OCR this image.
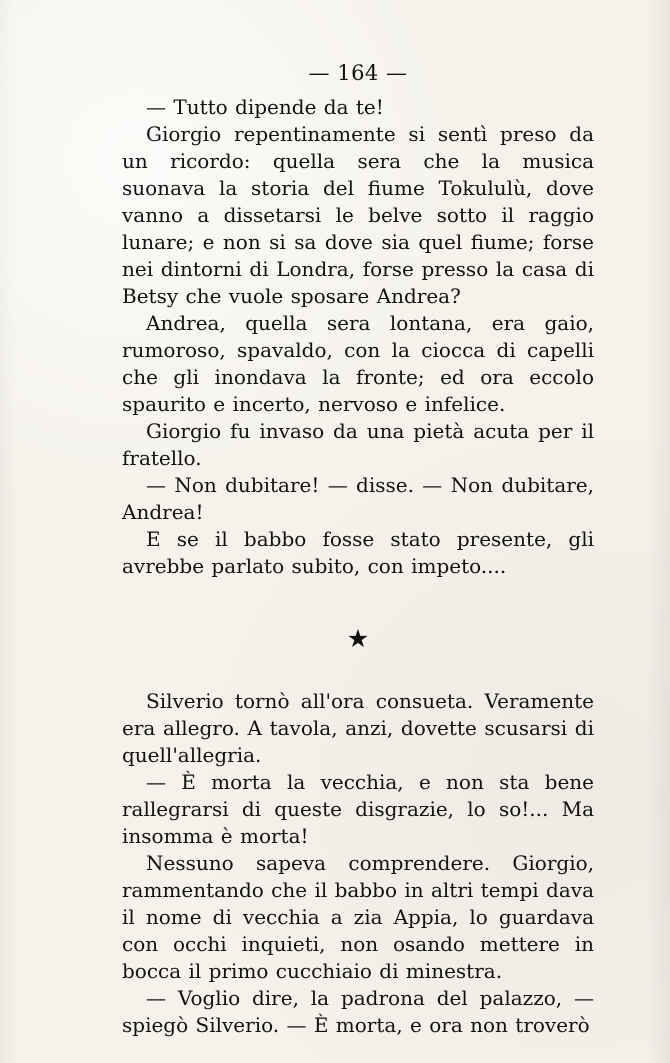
— 164 —

— Tutto dipende da te!

Giorgio repentinamente si sentì preso da un ricordo: quella sera che la musica suonava la storia del fiume Tokululù, dove vanno a dissetarsi le belve sotto il raggio lunare; e non si sa dove sia quel fiume; forse nei dintorni di Londra, forse presso la casa di Betsy che vuole sposare Andrea?

Andrea, quella sera lontana, era gaio, rumoroso, spavaldo, con la ciocca di capelli che gli inondava la fronte; ed ora eccolo spaurito e incerto, nervoso e infelice.

Giorgio fu invaso da una pietà acuta per il fratello.

— Non dubitare! — disse. — Non dubitare, Andrea!

E se il babbo fosse stato presente, gli avrebbe parlato subito, con impeto....

★

Silverio tornò all'ora consueta. Veramente era allegro. A tavola, anzi, dovette scusarsi di quell'allegria.

— È morta la vecchia, e non sta bene rallegrarsi di queste disgrazie, lo so!... Ma insomma è morta!

Nessuno sapeva comprendere. Giorgio, rammentando che il babbo in altri tempi dava il nome di vecchia a zia Appia, lo guardava con occhi inquieti, non osando mettere in bocca il primo cucchiaio di minestra.

— Voglio dire, la padrona del palazzo, — spiegò Silverio. — È morta, e ora non troverò
